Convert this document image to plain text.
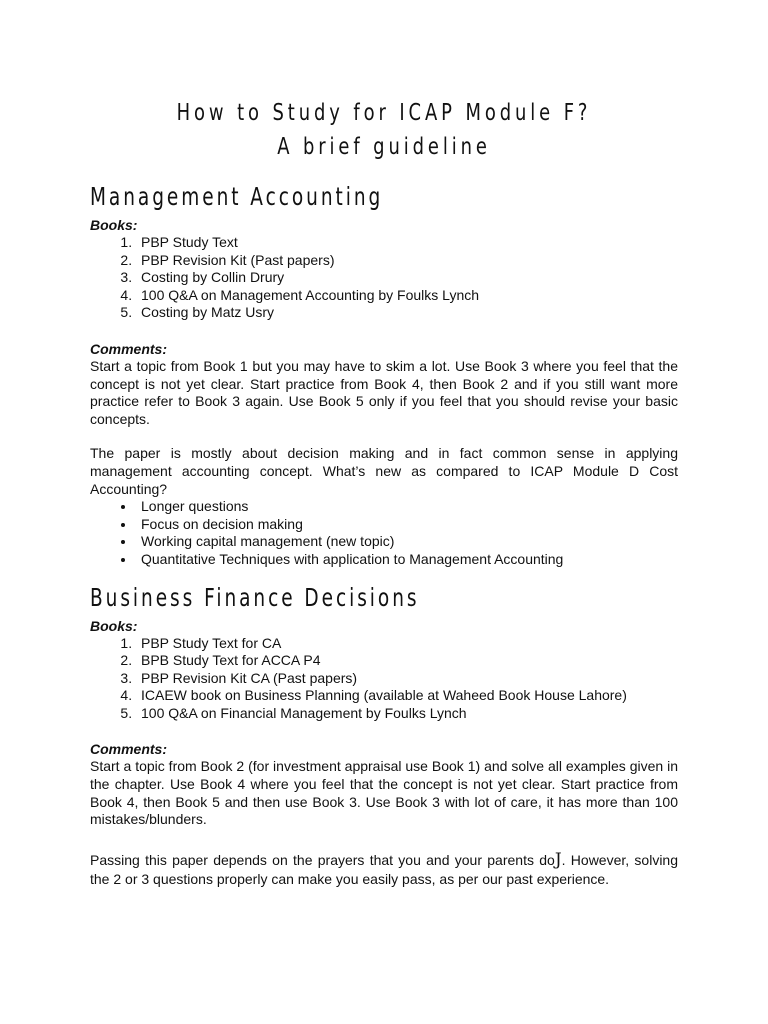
How to Study for ICAP Module F?
A brief guideline
Management Accounting
Books:
1. PBP Study Text
2. PBP Revision Kit (Past papers)
3. Costing by Collin Drury
4. 100 Q&A on Management Accounting by Foulks Lynch
5. Costing by Matz Usry
Comments:

Start a topic from Book 1 but you may have to skim a lot. Use Book 3 where you feel that the concept is not yet clear. Start practice from Book 4, then Book 2 and if you still want more practice refer to Book 3 again. Use Book 5 only if you feel that you should revise your basic concepts.

The paper is mostly about decision making and in fact common sense in applying management accounting concept. What’s new as compared to ICAP Module D Cost Accounting?

• Longer questions
• Focus on decision making
• Working capital management (new topic)
• Quantitative Techniques with application to Management Accounting
Business Finance Decisions
Books:
1. PBP Study Text for CA
2. BPB Study Text for ACCA P4
3. PBP Revision Kit CA (Past papers)
4. ICAEW book on Business Planning (available at Waheed Book House Lahore)
5. 100 Q&A on Financial Management by Foulks Lynch
Comments:

Start a topic from Book 2 (for investment appraisal use Book 1) and solve all examples given in the chapter. Use Book 4 where you feel that the concept is not yet clear. Start practice from Book 4, then Book 5 and then use Book 3. Use Book 3 with lot of care, it has more than 100 mistakes/blunders.

Passing this paper depends on the prayers that you and your parents doJ. However, solving the 2 or 3 questions properly can make you easily pass, as per our past experience.
